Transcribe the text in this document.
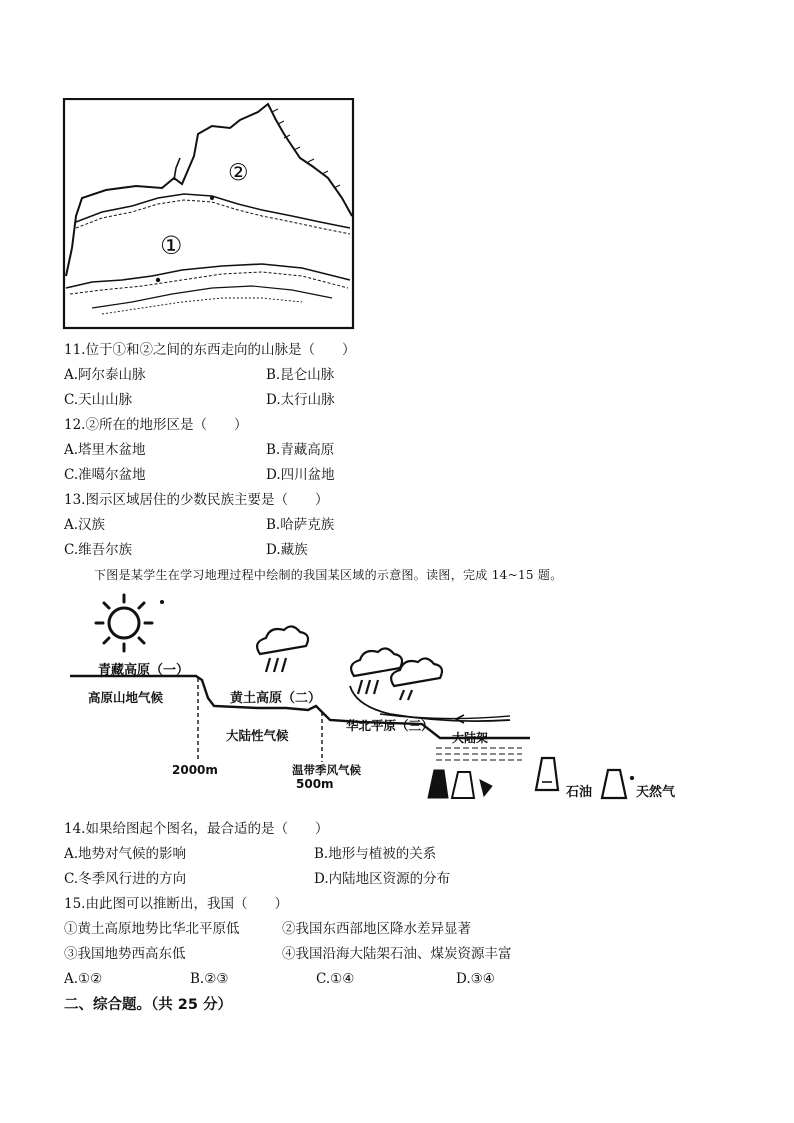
①
②
11.位于①和②之间的东西走向的山脉是（　　）
A.阿尔泰山脉	B.昆仑山脉
C.天山山脉	D.太行山脉
12.②所在的地形区是（　　）
A.塔里木盆地	B.青藏高原
C.准噶尔盆地	D.四川盆地
13.图示区域居住的少数民族主要是（　　）
A.汉族	B.哈萨克族
C.维吾尔族	D.藏族
下图是某学生在学习地理过程中绘制的我国某区域的示意图。读图，完成 14~15 题。
青藏高原（一）
高原山地气候	黄土高原（二）
大陆性气候
华北平原（三）
大陆架
2000m	温带季风气候
500m
石油	天然气
14.如果给图起个图名，最合适的是（　　）
A.地势对气候的影响	B.地形与植被的关系
C.冬季风行进的方向	D.内陆地区资源的分布
15.由此图可以推断出，我国（　　）
①黄土高原地势比华北平原低	②我国东西部地区降水差异显著
③我国地势西高东低	④我国沿海大陆架石油、煤炭资源丰富
A.①②	B.②③	C.①④	D.③④
二、综合题。（共 25 分）
